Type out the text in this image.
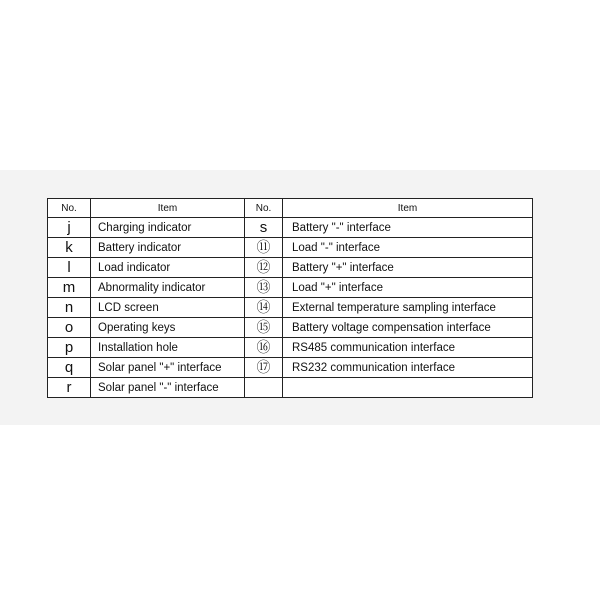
No.	Item	No.	Item
j	Charging indicator	s	Battery "-" interface
k	Battery indicator	⑪	Load "-" interface
l	Load indicator	⑫	Battery "+" interface
m	Abnormality indicator	⑬	Load "+" interface
n	LCD screen	⑭	External temperature sampling interface
o	Operating keys	⑮	Battery voltage compensation interface
p	Installation hole	⑯	RS485 communication interface
q	Solar panel "+" interface	⑰	RS232 communication interface
r	Solar panel "-" interface		
